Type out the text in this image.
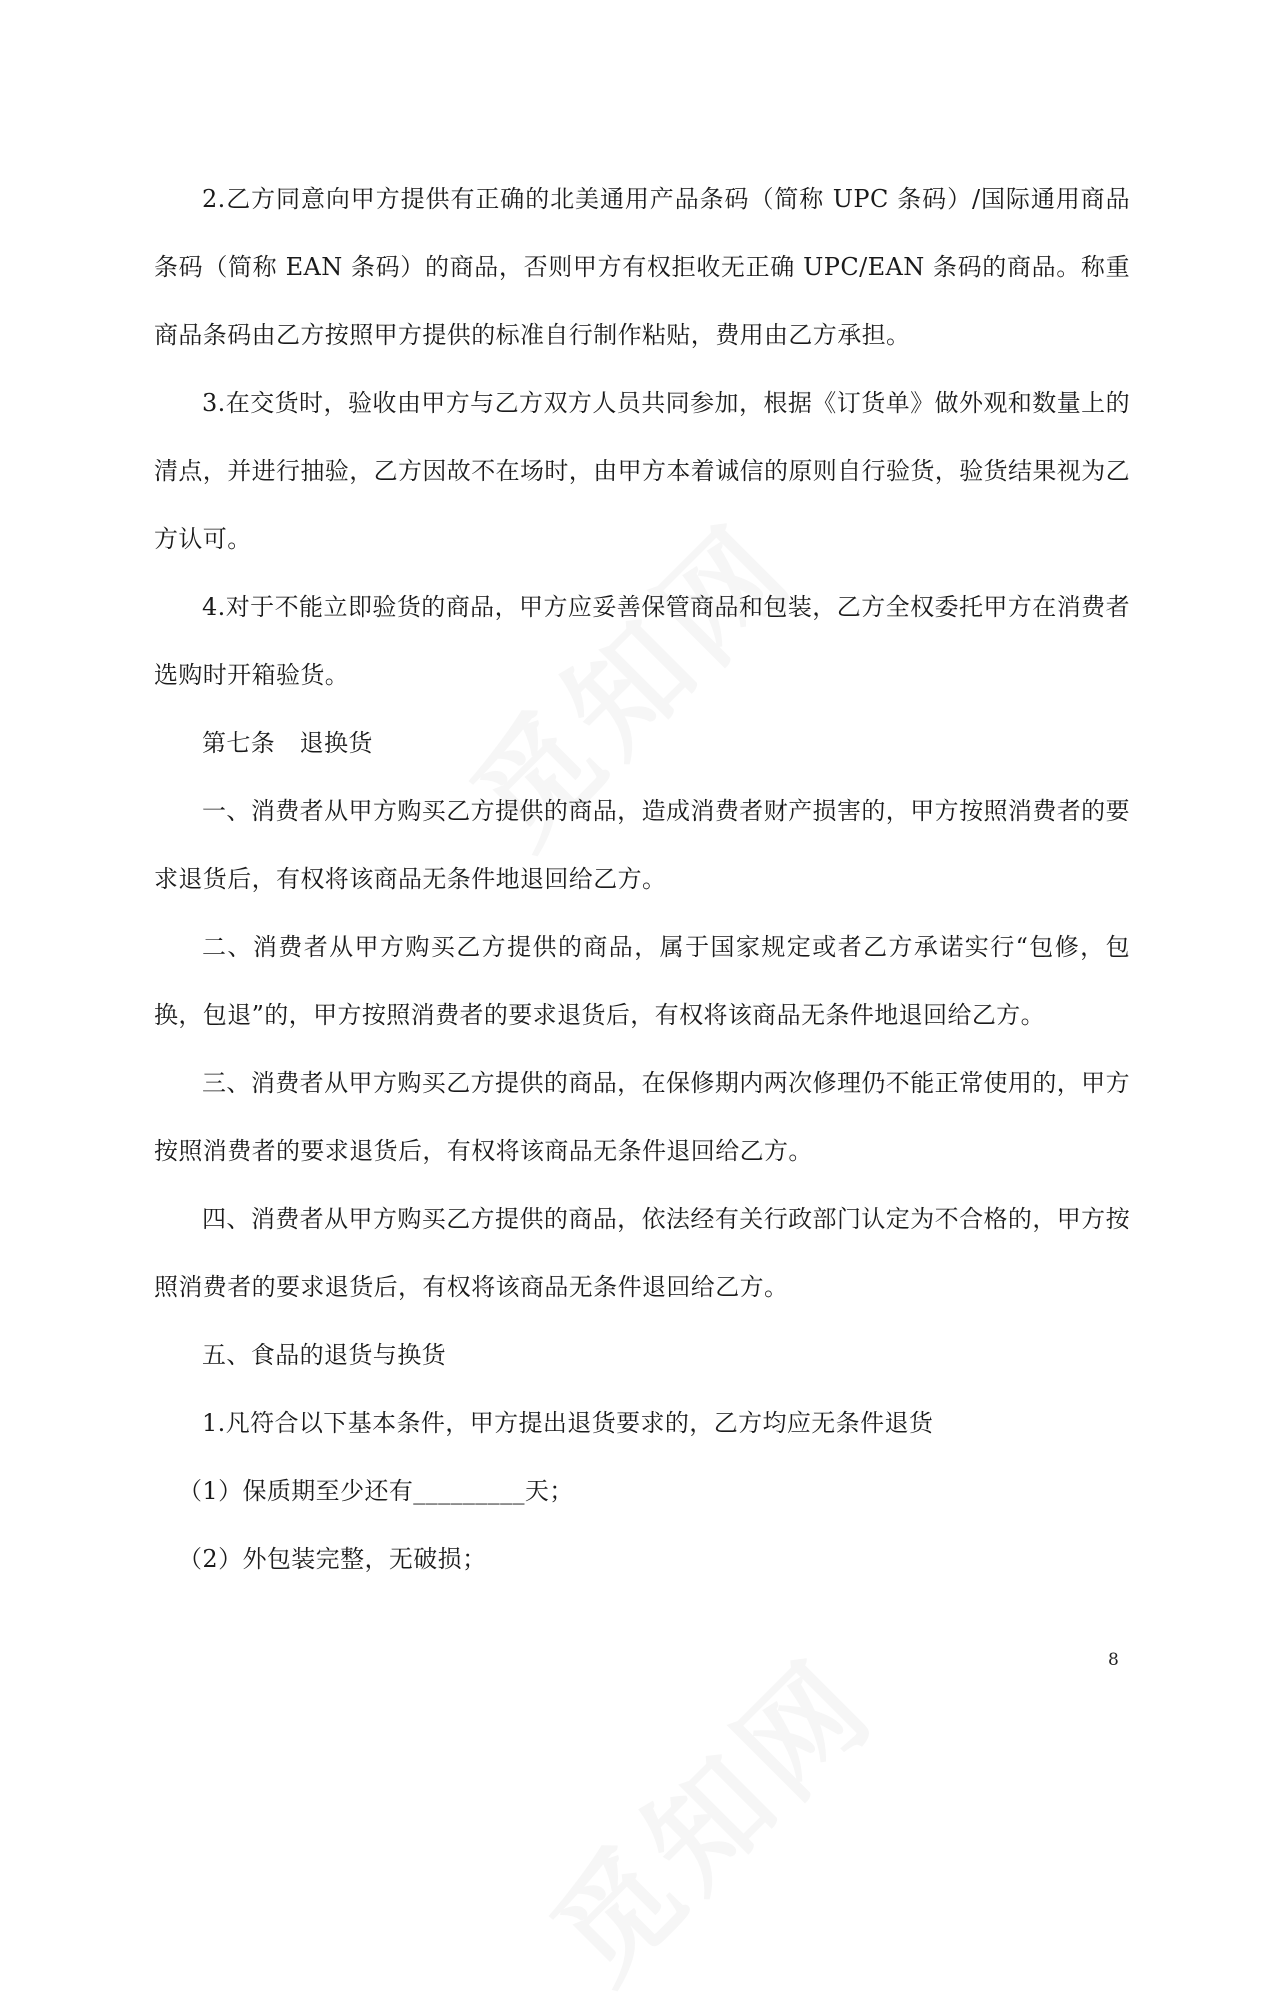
2.乙方同意向甲方提供有正确的北美通用产品条码（简称 UPC 条码）/国际通用商品条码（简称 EAN 条码）的商品，否则甲方有权拒收无正确 UPC/EAN 条码的商品。称重商品条码由乙方按照甲方提供的标准自行制作粘贴，费用由乙方承担。

3.在交货时，验收由甲方与乙方双方人员共同参加，根据《订货单》做外观和数量上的清点，并进行抽验，乙方因故不在场时，由甲方本着诚信的原则自行验货，验货结果视为乙方认可。

4.对于不能立即验货的商品，甲方应妥善保管商品和包装，乙方全权委托甲方在消费者选购时开箱验货。

第七条　退换货

一、消费者从甲方购买乙方提供的商品，造成消费者财产损害的，甲方按照消费者的要求退货后，有权将该商品无条件地退回给乙方。

二、消费者从甲方购买乙方提供的商品，属于国家规定或者乙方承诺实行“包修，包换，包退”的，甲方按照消费者的要求退货后，有权将该商品无条件地退回给乙方。

三、消费者从甲方购买乙方提供的商品，在保修期内两次修理仍不能正常使用的，甲方按照消费者的要求退货后，有权将该商品无条件退回给乙方。

四、消费者从甲方购买乙方提供的商品，依法经有关行政部门认定为不合格的，甲方按照消费者的要求退货后，有权将该商品无条件退回给乙方。

五、食品的退货与换货

1.凡符合以下基本条件，甲方提出退货要求的，乙方均应无条件退货

（1）保质期至少还有_________天；

（2）外包装完整，无破损；

8
